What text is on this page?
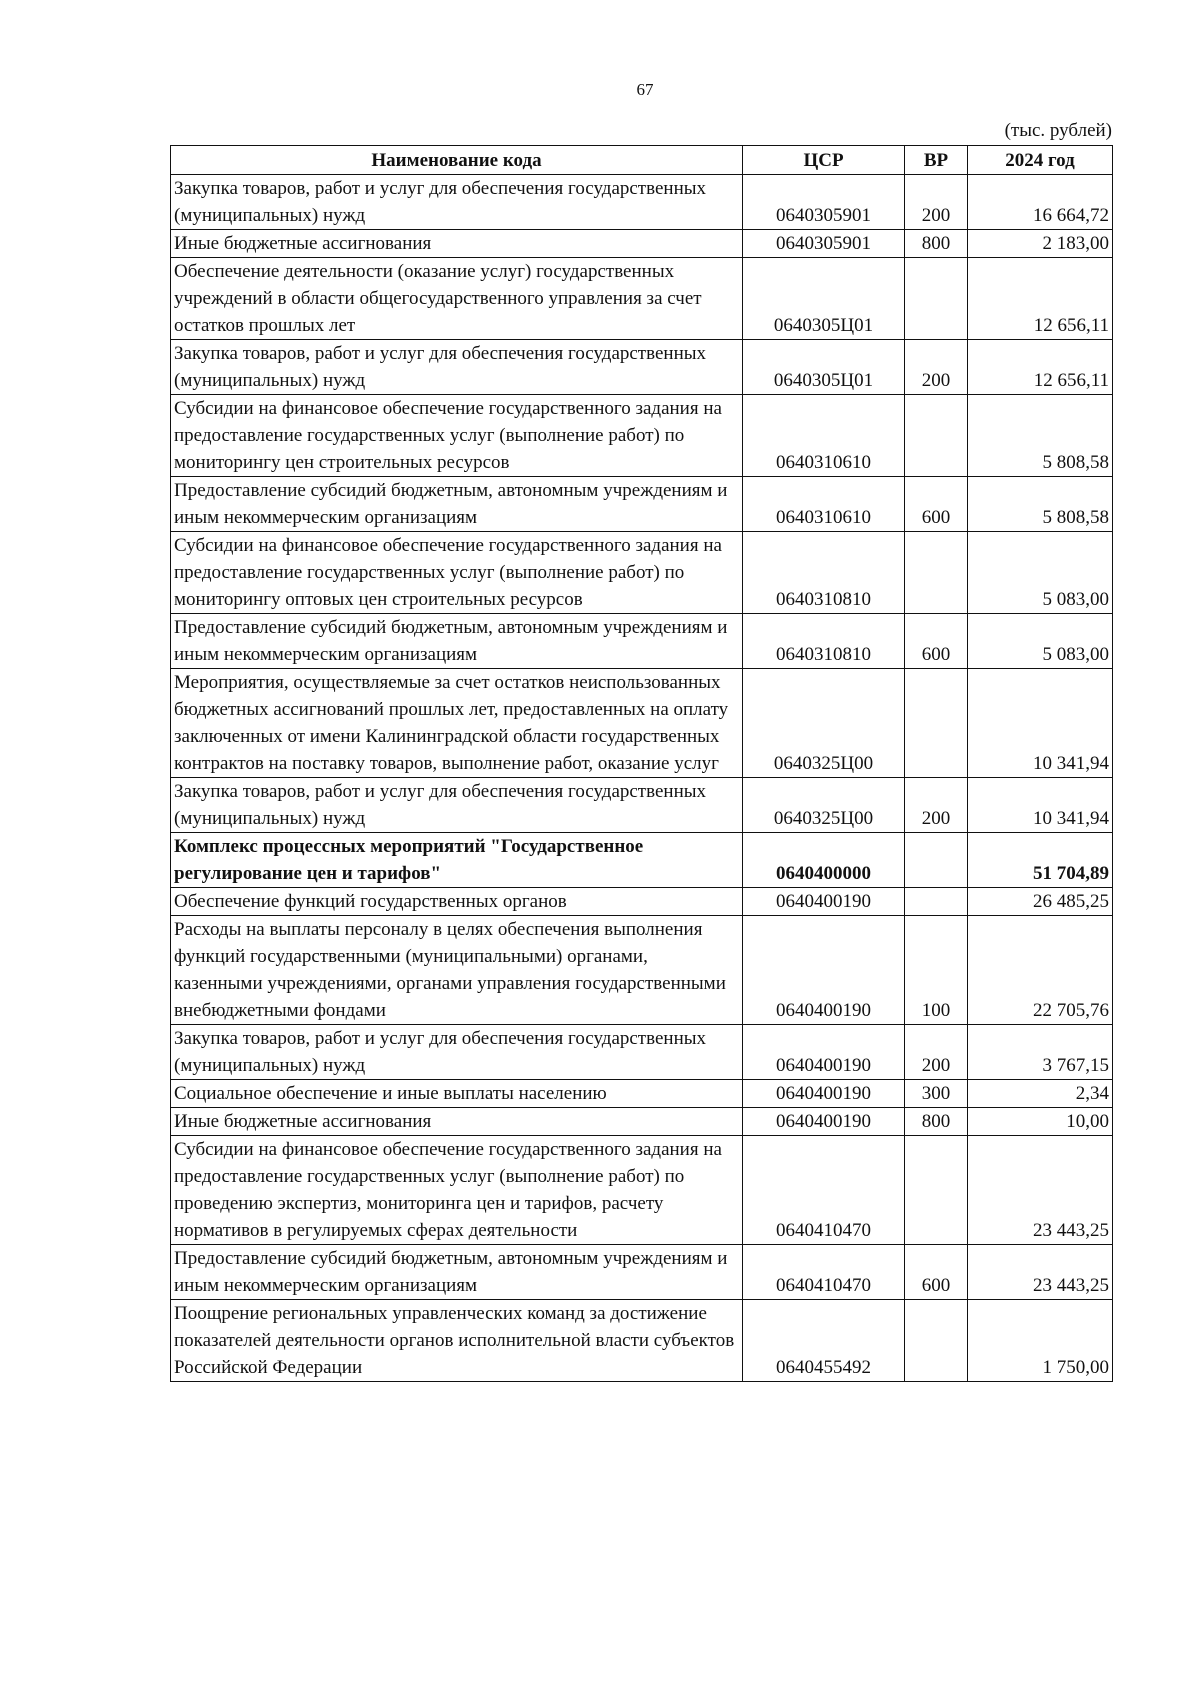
67
(тыс. рублей)
Наименование кода	ЦСР	ВР	2024 год
Закупка товаров, работ и услуг для обеспечения государственных (муниципальных) нужд	0640305901	200	16 664,72
Иные бюджетные ассигнования	0640305901	800	2 183,00
Обеспечение деятельности (оказание услуг) государственных учреждений в области общегосударственного управления за счет остатков прошлых лет	0640305Ц01		12 656,11
Закупка товаров, работ и услуг для обеспечения государственных (муниципальных) нужд	0640305Ц01	200	12 656,11
Субсидии на финансовое обеспечение государственного задания на предоставление государственных услуг (выполнение работ) по мониторингу цен строительных ресурсов	0640310610		5 808,58
Предоставление субсидий бюджетным, автономным учреждениям и иным некоммерческим организациям	0640310610	600	5 808,58
Субсидии на финансовое обеспечение государственного задания на предоставление государственных услуг (выполнение работ) по мониторингу оптовых цен строительных ресурсов	0640310810		5 083,00
Предоставление субсидий бюджетным, автономным учреждениям и иным некоммерческим организациям	0640310810	600	5 083,00
Мероприятия, осуществляемые за счет остатков неиспользованных бюджетных ассигнований прошлых лет, предоставленных на оплату заключенных от имени Калининградской области государственных контрактов на поставку товаров, выполнение работ, оказание услуг	0640325Ц00		10 341,94
Закупка товаров, работ и услуг для обеспечения государственных (муниципальных) нужд	0640325Ц00	200	10 341,94
Комплекс процессных мероприятий "Государственное регулирование цен и тарифов"	0640400000		51 704,89
Обеспечение функций государственных органов	0640400190		26 485,25
Расходы на выплаты персоналу в целях обеспечения выполнения функций государственными (муниципальными) органами, казенными учреждениями, органами управления государственными внебюджетными фондами	0640400190	100	22 705,76
Закупка товаров, работ и услуг для обеспечения государственных (муниципальных) нужд	0640400190	200	3 767,15
Социальное обеспечение и иные выплаты населению	0640400190	300	2,34
Иные бюджетные ассигнования	0640400190	800	10,00
Субсидии на финансовое обеспечение государственного задания на предоставление государственных услуг (выполнение работ) по проведению экспертиз, мониторинга цен и тарифов, расчету нормативов в регулируемых сферах деятельности	0640410470		23 443,25
Предоставление субсидий бюджетным, автономным учреждениям и иным некоммерческим организациям	0640410470	600	23 443,25
Поощрение региональных управленческих команд за достижение показателей деятельности органов исполнительной власти субъектов Российской Федерации	0640455492		1 750,00
